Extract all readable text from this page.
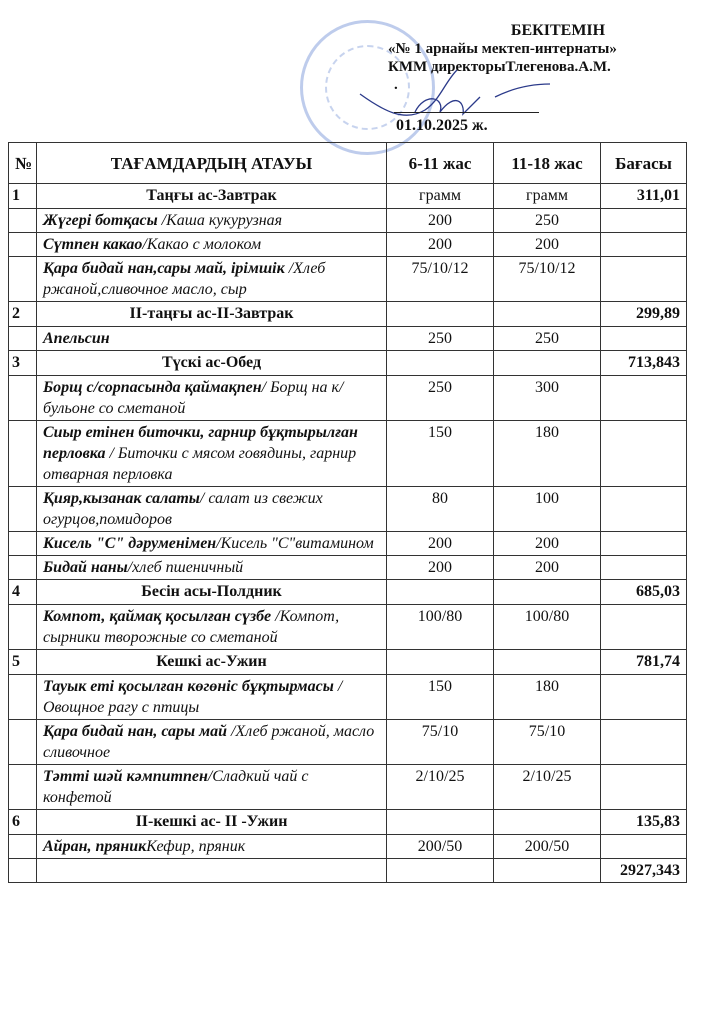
БЕКІТЕМІН
«№ 1 арнайы мектеп-интернаты»
КММ директорыТлегенова.А.М.
.
01.10.2025 ж.
№	ТАҒАМДАРДЫҢ АТАУЫ	6-11 жас	11-18 жас	Бағасы
1	Таңғы ас-Завтрак	грамм	грамм	311,01
	Жүгері ботқасы /Каша кукурузная	200	250	
	Сүтпен какао/Какао с молоком	200	200	
	Қара бидай нан,сары май, ірімшік /Хлеб ржаной,сливочное масло, сыр	75/10/12	75/10/12	
2	ІІ-таңғы ас-ІІ-Завтрак			299,89
	Апельсин	250	250	
3	Түскі ас-Обед			713,843
	Борщ с/сорпасында қаймақпен/ Борщ на к/бульоне со сметаной	250	300	
	Сиыр етінен биточки, гарнир бұқтырылған перловка / Биточки с мясом говядины, гарнир отварная перловка	150	180	
	Қияр,кызанак салаты/ салат из свежих огурцов,помидоров	80	100	
	Кисель "С" дәруменімен/Кисель "С"витамином	200	200	
	Бидай наны/хлеб пшеничный	200	200	
4	Бесін асы-Полдник			685,03
	Компот, қаймақ қосылған сүзбе /Компот, сырники творожные со сметаной	100/80	100/80	
5	Кешкі ас-Ужин			781,74
	Тауык еті қосылған көгөніс бұқтырмасы / Овощное рагу с птицы	150	180	
	Қара бидай нан, сары май /Хлеб ржаной, масло сливочное	75/10	75/10	
	Тәтті шәй кәмпитпен/Сладкий чай с конфетой	2/10/25	2/10/25	
6	ІІ-кешкі ас- ІІ -Ужин			135,83
	Айран, пряникКефир, пряник	200/50	200/50	
				2927,343
